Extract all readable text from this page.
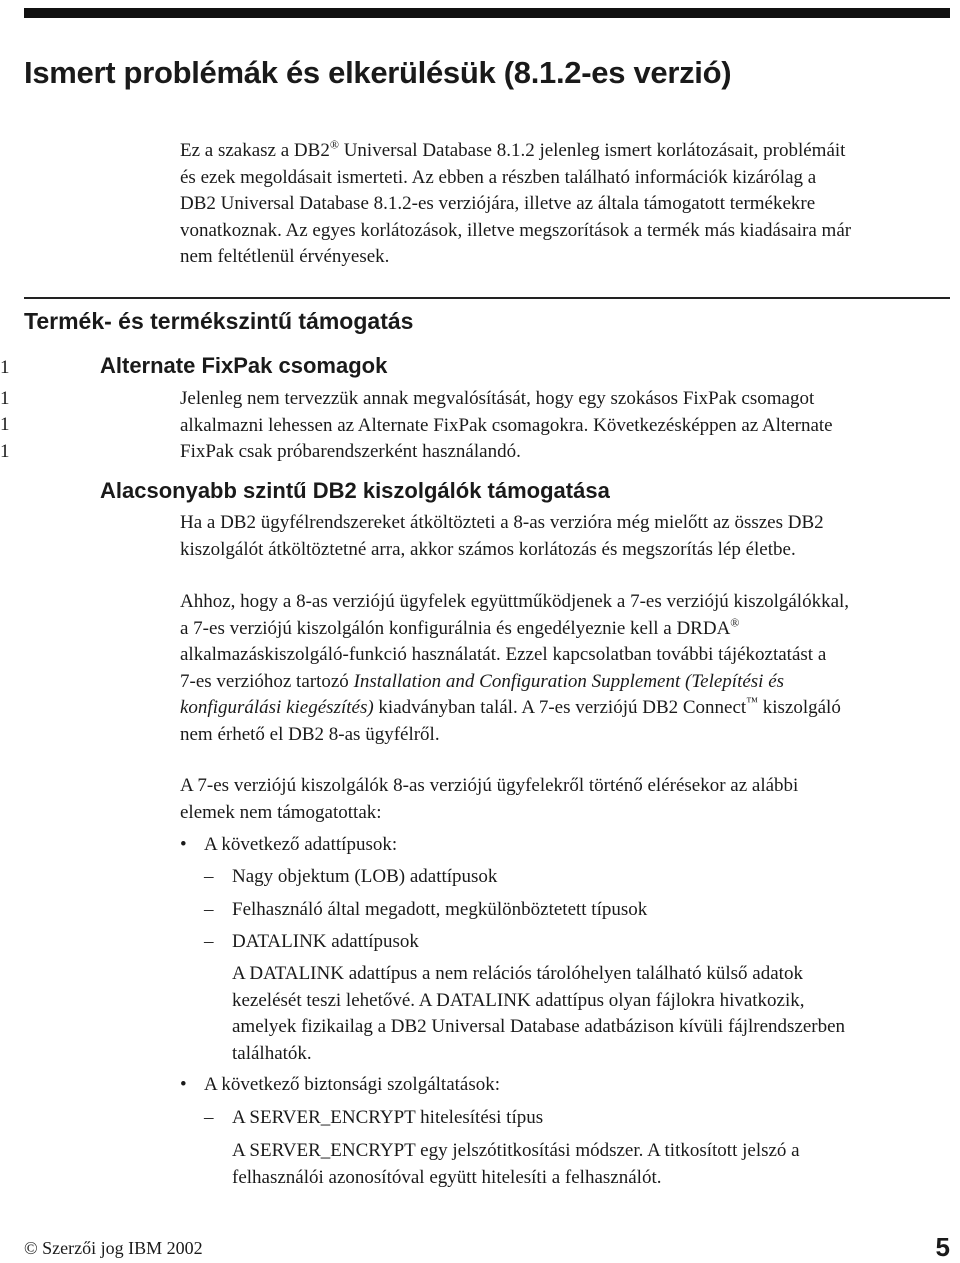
Ismert problémák és elkerülésük (8.1.2-es verzió)

Ez a szakasz a DB2® Universal Database 8.1.2 jelenleg ismert korlátozásait, problémáit

és ezek megoldásait ismerteti. Az ebben a részben található információk kizárólag a

DB2 Universal Database 8.1.2-es verziójára, illetve az általa támogatott termékekre

vonatkoznak. Az egyes korlátozások, illetve megszorítások a termék más kiadásaira már

nem feltétlenül érvényesek.

Termék- és termékszintű támogatás
1
1
1
1
Alternate FixPak csomagok

Jelenleg nem tervezzük annak megvalósítását, hogy egy szokásos FixPak csomagot

alkalmazni lehessen az Alternate FixPak csomagokra. Következésképpen az Alternate

FixPak csak próbarendszerként használandó.

Alacsonyabb szintű DB2 kiszolgálók támogatása

Ha a DB2 ügyfélrendszereket átköltözteti a 8-as verzióra még mielőtt az összes DB2

kiszolgálót átköltöztetné arra, akkor számos korlátozás és megszorítás lép életbe.

Ahhoz, hogy a 8-as verziójú ügyfelek együttműködjenek a 7-es verziójú kiszolgálókkal,

a 7-es verziójú kiszolgálón konfigurálnia és engedélyeznie kell a DRDA®

alkalmazáskiszolgáló-funkció használatát. Ezzel kapcsolatban további tájékoztatást a

7-es verzióhoz tartozó Installation and Configuration Supplement (Telepítési és

konfigurálási kiegészítés) kiadványban talál. A 7-es verziójú DB2 Connect™ kiszolgáló

nem érhető el DB2 8-as ügyfélről.

A 7-es verziójú kiszolgálók 8-as verziójú ügyfelekről történő elérésekor az alábbi

elemek nem támogatottak:

• A következő adattípusok:
– Nagy objektum (LOB) adattípusok
– Felhasználó által megadott, megkülönböztetett típusok
– DATALINK adattípusok

A DATALINK adattípus a nem relációs tárolóhelyen található külső adatok

kezelését teszi lehetővé. A DATALINK adattípus olyan fájlokra hivatkozik,

amelyek fizikailag a DB2 Universal Database adatbázison kívüli fájlrendszerben

találhatók.

• A következő biztonsági szolgáltatások:
– A SERVER_ENCRYPT hitelesítési típus

A SERVER_ENCRYPT egy jelszótitkosítási módszer. A titkosított jelszó a

felhasználói azonosítóval együtt hitelesíti a felhasználót.

© Szerzői jog IBM 2002	5
